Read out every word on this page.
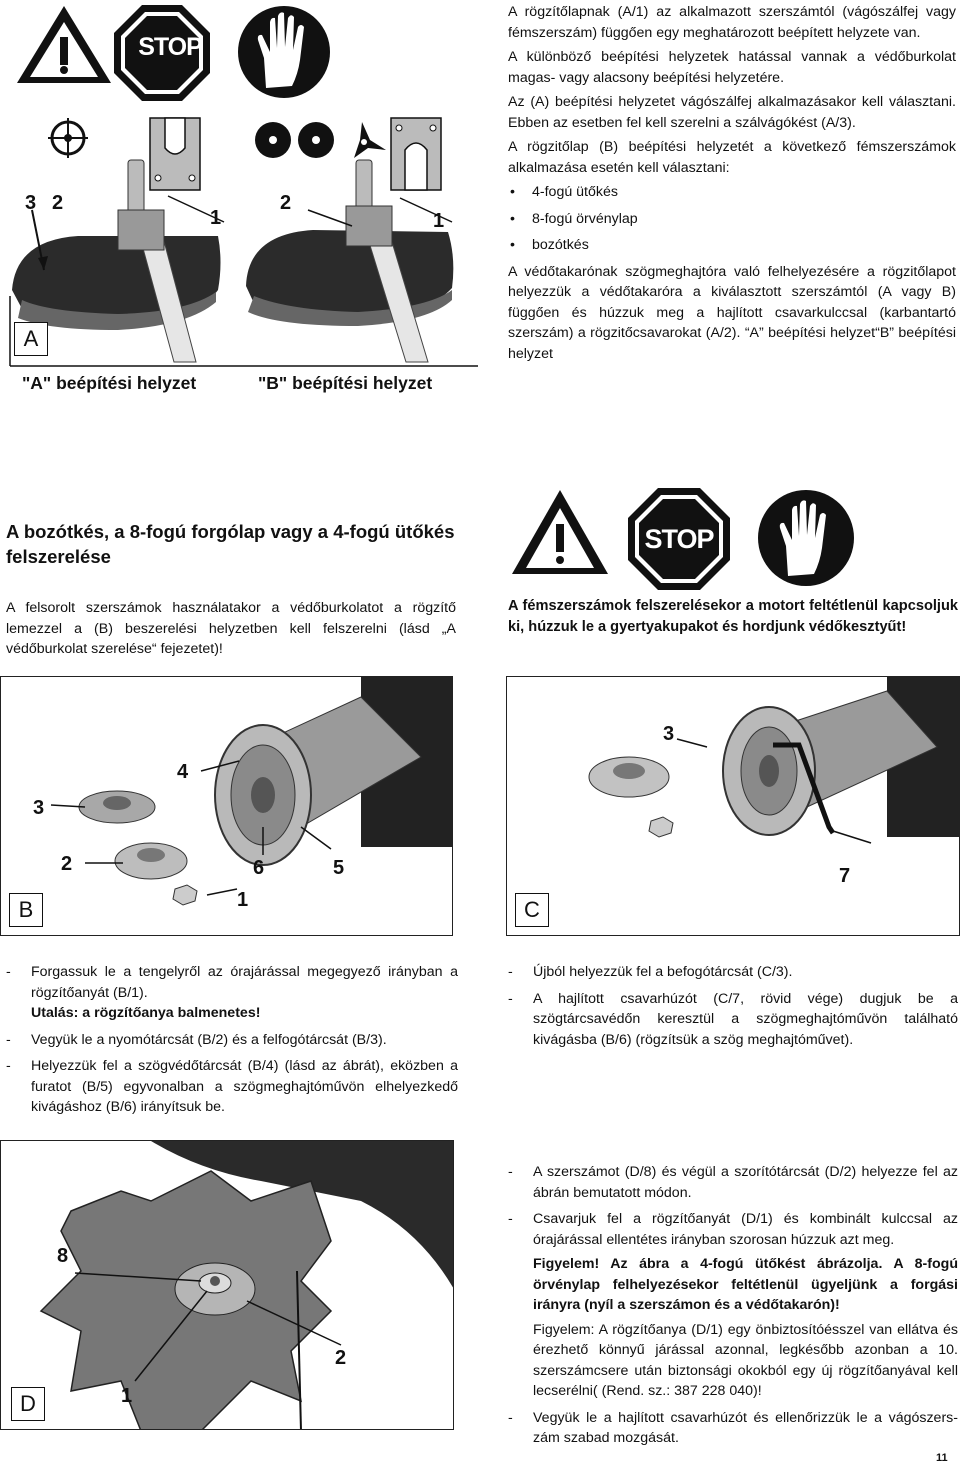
STOP
3 2
1
2
1
A
"A" beépítési helyzet	"B" beépítési helyzet

A rögzítőlapnak (A/1) az alkalmazott szerszámtól (vágószálfej vagy fémszerszám) függően egy meghatározott beépített helyzete van.

A különböző beépítési helyzetek hatással vannak a védőburkolat magas- vagy alacsony beépítési helyzetére.

Az (A) beépítési helyzetet vágószálfej alkalmazásakor kell választani. Ebben az esetben fel kell szerelni a szálvágókést (A/3).

A rögzitőlap (B) beépítési helyzetét a következő fémszerszámok alkalmazása esetén kell választani:

• 4-fogú ütőkés
• 8-fogú örvénylap
• bozótkés

A védőtakarónak szögmeghajtóra való felhelyezésére a rögzitőlapot helyezzük a védőtakaróra a kiválasztott szerszámtól (A vagy B) függően és húzzuk meg a hajlított csavarkulccsal (karbantartó szerszám) a rögzitőcsavarokat (A/2). “A” beépítési helyzet“B” beépítési helyzet

A bozótkés, a 8-fogú forgólap vagy a 4-fogú ütőkés felszerelése
A felsorolt szerszámok használatakor a védőburkolatot a rögzítő lemezzel a (B) beszerelési helyzetben kell felszerelni (lásd „A védőburkolat szerelése“ fejezetet)!
STOP
A fémszerszámok felszerelésekor a motort feltétlenül kapcsoljuk ki, húzzuk le a gyertyakupakot és hordjunk védőkesztyűt!
4
3
2	6	5
1
B
3
7
C
-	Forgassuk le a tengelyről az órajárással megegyező irányban a rögzítőanyát (B/1).
Utalás: a rögzítőanya balmenetes!
-	Vegyük le a nyomótárcsát (B/2) és a felfogótárcsát (B/3).
-	Helyezzük fel a szögvédőtárcsát (B/4) (lásd az ábrát), eközben a furatot (B/5) egyvonalban a szögmeghajtóművön elhelyezkedő kivágáshoz (B/6) irányítsuk be.
-	Újból helyezzük fel a befogótárcsát (C/3).
-	A hajlított csavarhúzót (C/7, rövid vége) dugjuk be a szögtárcsavédőn keresztül a szögmeghajtóművön található kivágásba (B/6) (rögzítsük a szög meghajtóművet).
8
2
1
D
-	A szerszámot (D/8) és végül a szorítótárcsát (D/2) helyezze fel az ábrán bemutatott módon.
-	Csavarjuk fel a rögzítőanyát (D/1) és kombinált kulccsal az órajárással ellentétes irányban szorosan húzzuk azt meg.
Figyelem! Az ábra a 4-fogú ütőkést ábrázolja. A 8-fogú örvénylap felhelyezésekor feltétlenül ügyeljünk a forgási irányra (nyíl a szerszámon és a védőtakarón)!
Figyelem: A rögzítőanya (D/1) egy önbiztosítóésszel van ellátva és érezhető könnyű járással azonnal, legkésőbb azonban a 10. szerszámcsere után biztonsági okokból egy új rögzítőanyával kell lecserélni( (Rend. sz.: 387 228 040)!
-	Vegyük le a hajlított csavarhúzót és ellenőrizzük le a vágószers-zám szabad mozgását.
11
